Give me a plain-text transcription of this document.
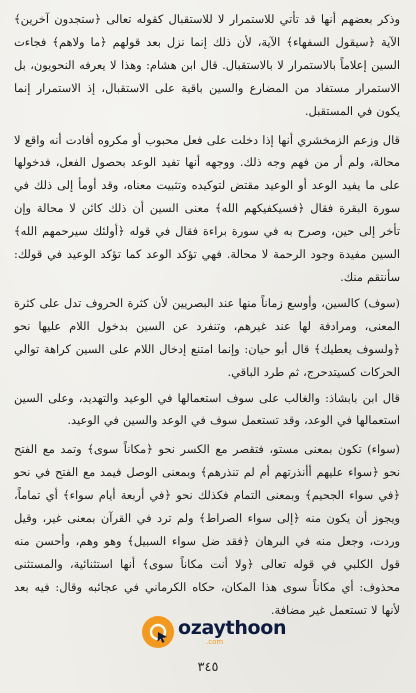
وذكر بعضهم أنها قد تأتي للاستمرار لا للاستقبال كقوله تعالى ﴿ستجدون آخرين﴾ الآية ﴿سيقول السفهاء﴾ الآية، لأن ذلك إنما نزل بعد قولهم ﴿ما ولاهم﴾ فجاءت السين إعلاماً بالاستمرار لا بالاستقبال. قال ابن هشام: وهذا لا يعرفه النحويون، بل الاستمرار مستفاد من المضارع والسين باقية على الاستقبال، إذ الاستمرار إنما يكون في المستقبل.

قال وزعم الزمخشري أنها إذا دخلت على فعل محبوب أو مكروه أفادت أنه واقع لا محالة، ولم أر من فهم وجه ذلك. ووجهه أنها تفيد الوعد بحصول الفعل، فدخولها على ما يفيد الوعد أو الوعيد مقتض لتوكيده وتثبيت معناه، وقد أومأ إلى ذلك في سورة البقرة فقال ﴿فسيكفيكهم الله﴾ معنى السين أن ذلك كائن لا محالة وإن تأخر إلى حين، وصرح به في سورة براءة فقال في قوله ﴿أولئك سيرحمهم الله﴾ السين مفيدة وجود الرحمة لا محالة. فهي تؤكد الوعد كما تؤكد الوعيد في قولك: سأنتقم منك.

(سوف) كالسين، وأوسع زماناً منها عند البصريين لأن كثرة الحروف تدل على كثرة المعنى، ومرادفة لها عند غيرهم، وتنفرد عن السين بدخول اللام عليها نحو ﴿ولسوف يعطيك﴾ قال أبو حيان: وإنما امتنع إدخال اللام على السين كراهة توالي الحركات كسيتدحرج، ثم طرد الباقي.

قال ابن بابشاذ: والغالب على سوف استعمالها في الوعيد والتهديد، وعلى السين استعمالها في الوعد، وقد تستعمل سوف في الوعد والسين في الوعيد.

(سواء) تكون بمعنى مستو، فتقصر مع الكسر نحو ﴿مكاناً سوى﴾ وتمد مع الفتح نحو ﴿سواء عليهم أأنذرتهم أم لم تنذرهم﴾ وبمعنى الوصل فيمد مع الفتح في نحو ﴿في سواء الجحيم﴾ وبمعنى التمام فكذلك نحو ﴿في أربعة أيام سواء﴾ أي تماماً، ويجوز أن يكون منه ﴿إلى سواء الصراط﴾ ولم ترد في القرآن بمعنى غير، وقيل وردت، وجعل منه في البرهان ﴿فقد ضل سواء السبيل﴾ وهو وهم، وأحسن منه قول الكلبي في قوله تعالى ﴿ولا أنت مكاناً سوى﴾ أنها استثنائية، والمستثنى محذوف: أي مكاناً سوى هذا المكان، حكاه الكرماني في عجائبه وقال: فيه بعد لأنها لا تستعمل غير مضافة.

ozaythoon
.com
٣٤٥
